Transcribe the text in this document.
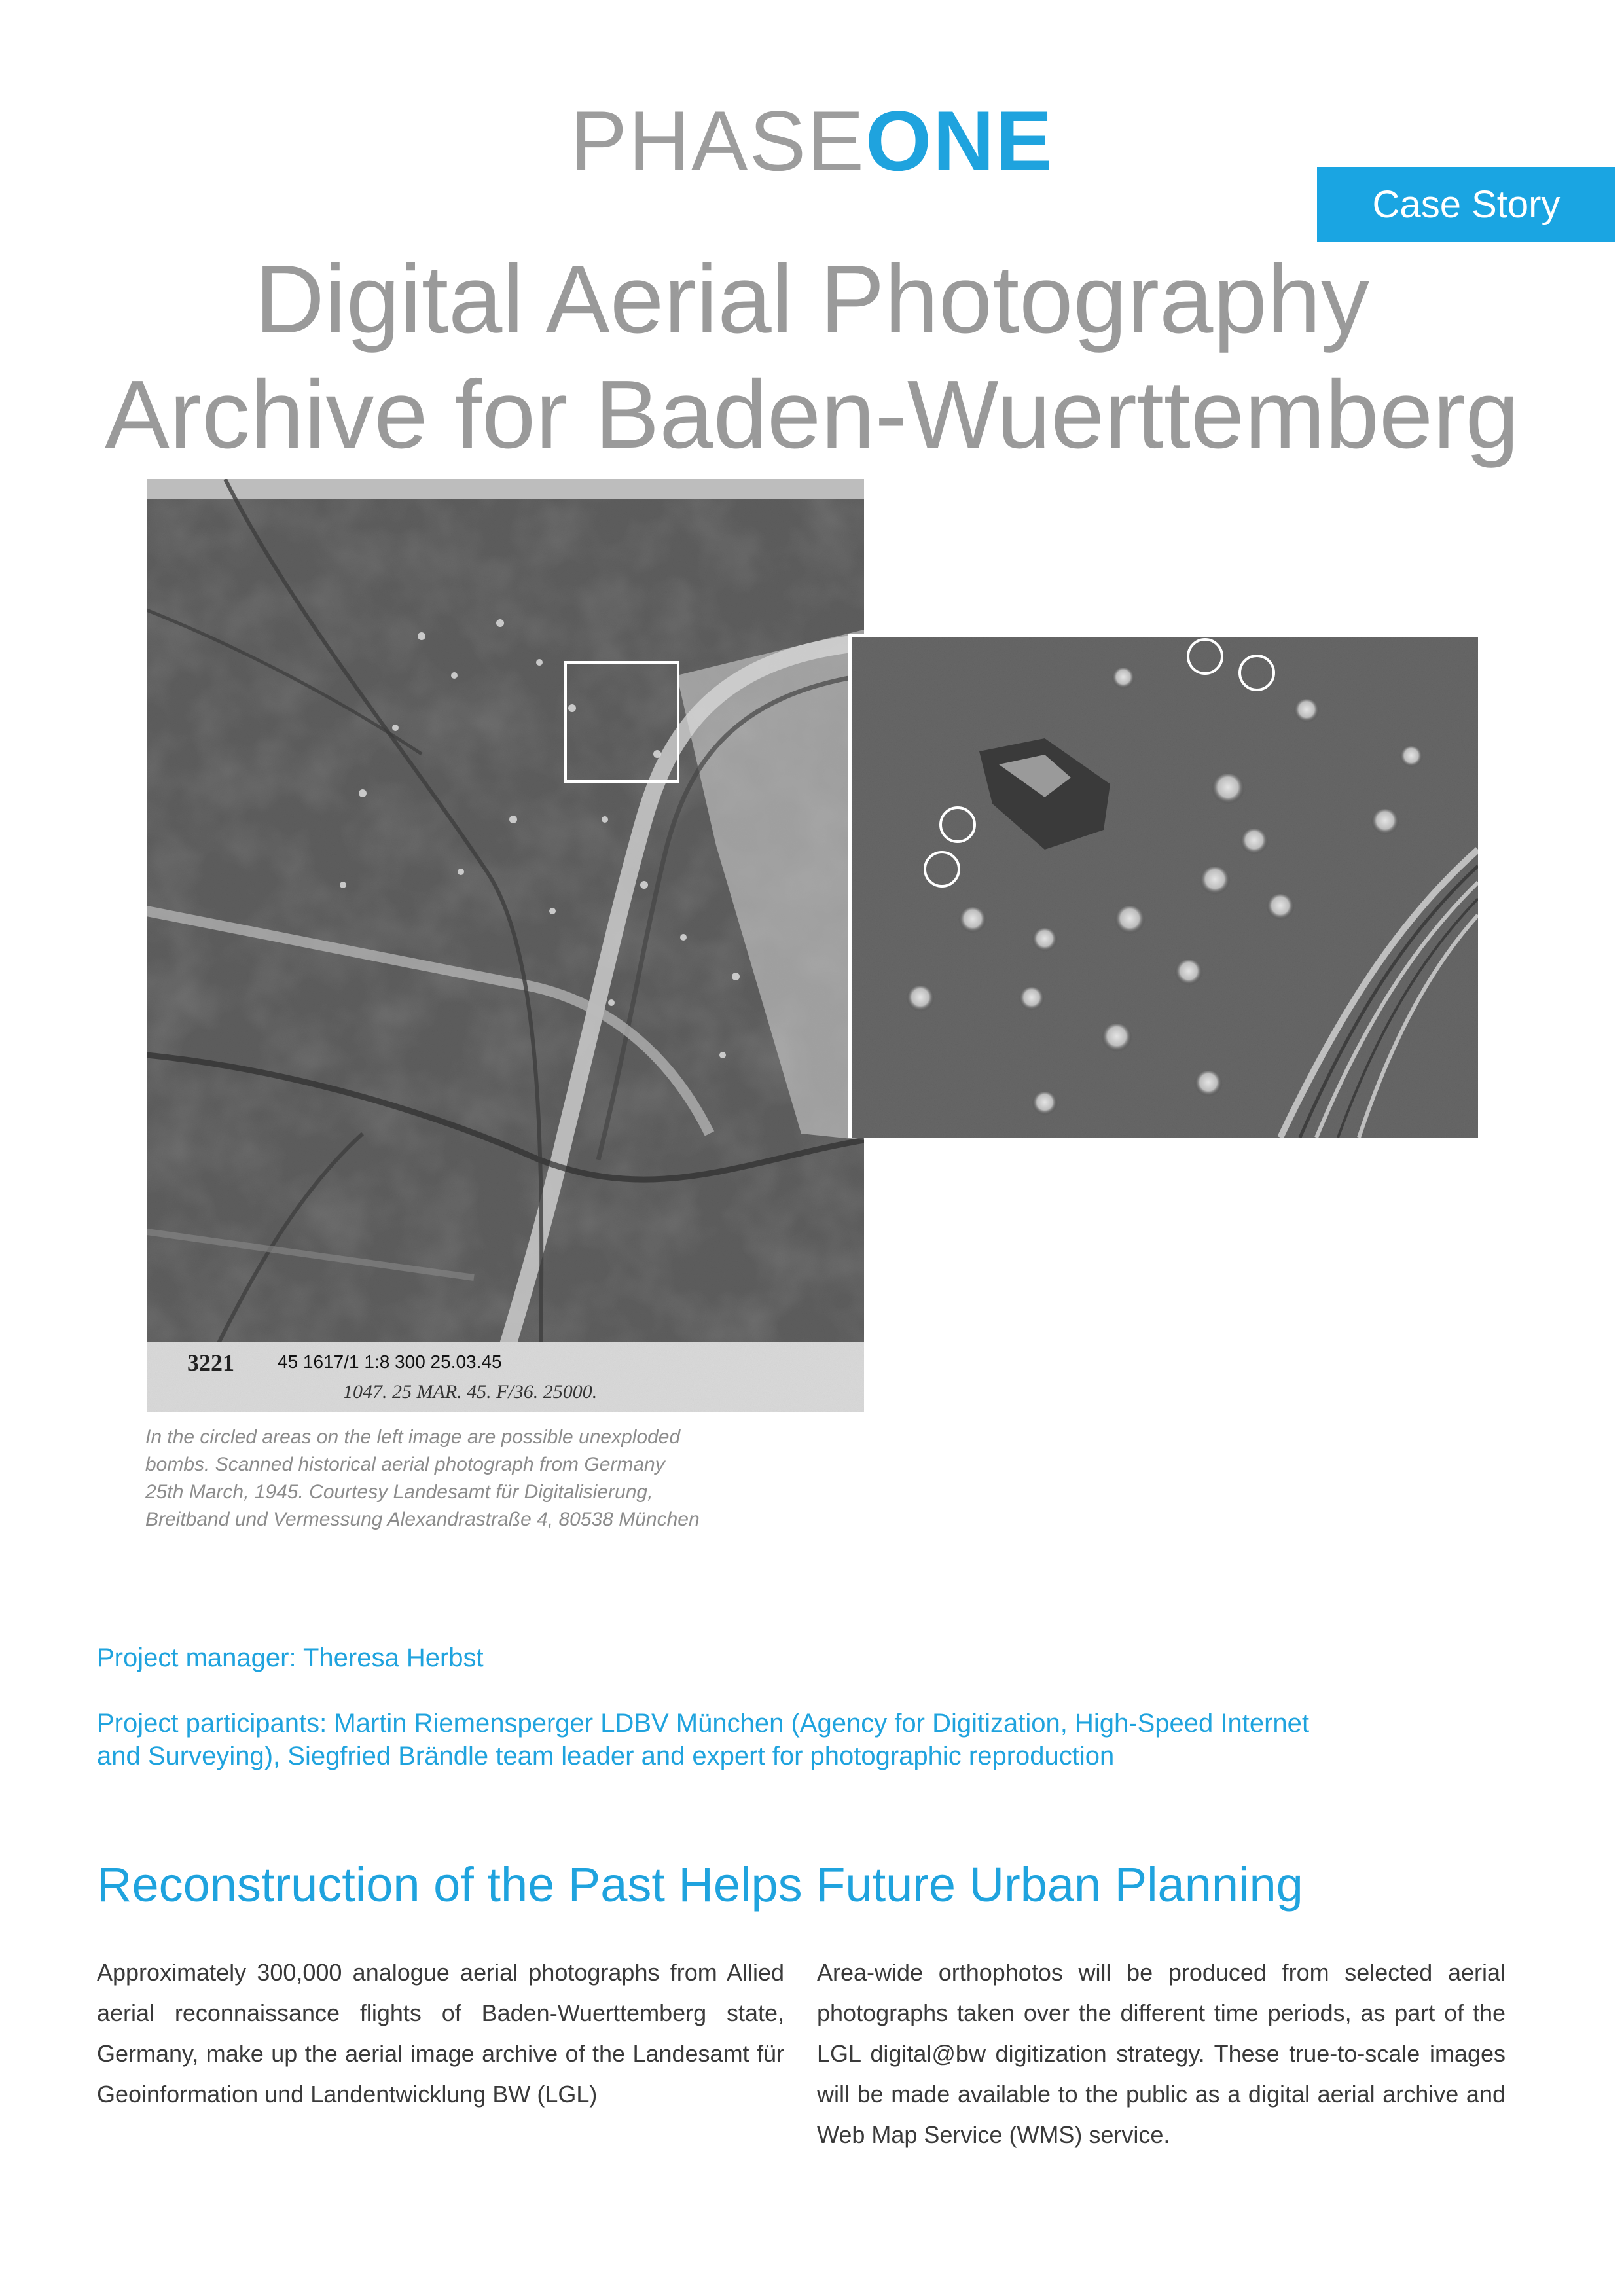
PHASEONE
Case Story
Digital Aerial Photography
Archive for Baden-Wuerttemberg
3221 45 1617/1 1:8 300 25.03.45
1047. 25 MAR. 45. F/36. 25000.
In the circled areas on the left image are possible unexploded
bombs. Scanned historical aerial photograph from Germany
25th March, 1945. Courtesy Landesamt für Digitalisierung,
Breitband und Vermessung Alexandrastraße 4, 80538 München
Project manager: Theresa Herbst
Project participants: Martin Riemensperger LDBV München (Agency for Digitization, High-Speed Internet
and Surveying), Siegfried Brändle team leader and expert for photographic reproduction
Reconstruction of the Past Helps Future Urban Planning
Approximately 300,000 analogue aerial photographs from Allied aerial reconnaissance flights of Baden-Wuerttemberg state, Germany, make up the aerial image archive of the Landesamt für Geoinformation und Landentwicklung BW (LGL)
Area-wide orthophotos will be produced from selected aerial photographs taken over the different time periods, as part of the LGL digital@bw digitization strategy. These true-to-scale images will be made available to the public as a digital aerial archive and Web Map Service (WMS) service.
